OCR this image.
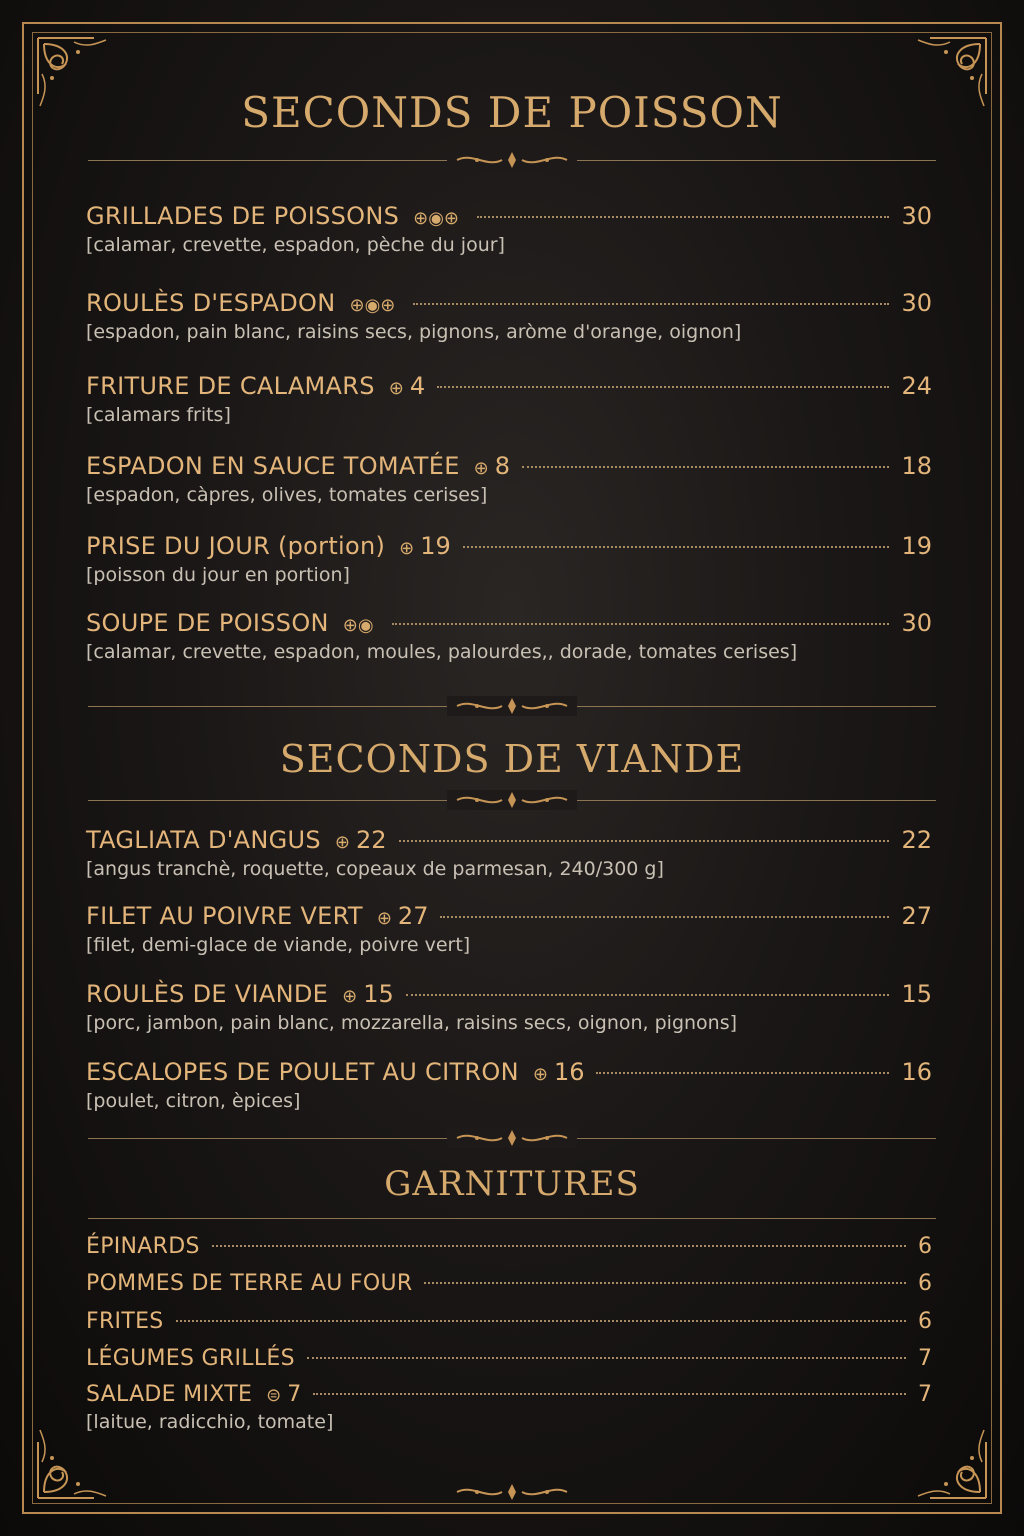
SECONDS DE POISSON
GRILLADES DE POISSONS ⊕◉⊕	30
[calamar, crevette, espadon, pèche du jour]
ROULÈS D'ESPADON ⊕◉⊕	30
[espadon, pain blanc, raisins secs, pignons, aròme d'orange, oignon]
FRITURE DE CALAMARS ⊕ 4	24
[calamars frits]
ESPADON EN SAUCE TOMATÉE ⊕ 8	18
[espadon, càpres, olives, tomates cerises]
PRISE DU JOUR (portion) ⊕ 19	19
[poisson du jour en portion]
SOUPE DE POISSON ⊕◉	30
[calamar, crevette, espadon, moules, palourdes,, dorade, tomates cerises]
SECONDS DE VIANDE
TAGLIATA D'ANGUS ⊕ 22	22
[angus tranchè, roquette, copeaux de parmesan, 240/300 g]
FILET AU POIVRE VERT ⊕ 27	27
[filet, demi-glace de viande, poivre vert]
ROULÈS DE VIANDE ⊕ 15	15
[porc, jambon, pain blanc, mozzarella, raisins secs, oignon, pignons]
ESCALOPES DE POULET AU CITRON ⊕ 16	16
[poulet, citron, èpices]
GARNITURES
ÉPINARDS	6
POMMES DE TERRE AU FOUR	6
FRITES	6
LÉGUMES GRILLÉS	7
SALADE MIXTE ⊜ 7	7
[laitue, radicchio, tomate]
